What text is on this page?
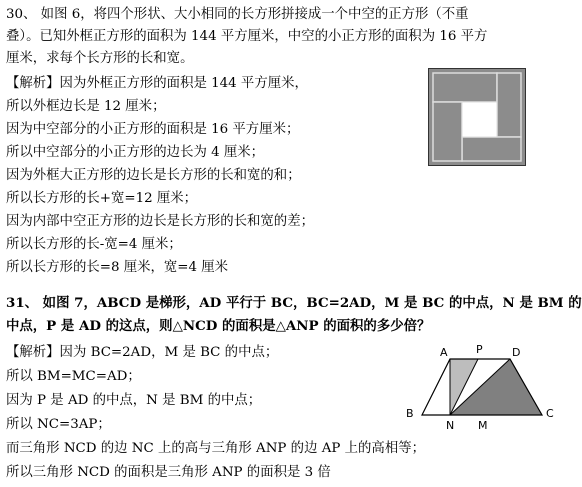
30、 如图 6，将四个形状、大小相同的长方形拼接成一个中空的正方形（不重
叠）。已知外框正方形的面积为 144 平方厘米，中空的小正方形的面积为 16 平方
厘米，求每个长方形的长和宽。
【解析】因为外框正方形的面积是 144 平方厘米，
所以外框边长是 12 厘米；
因为中空部分的小正方形的面积是 16 平方厘米；
所以中空部分的小正方形的边长为 4 厘米；
因为外框大正方形的边长是长方形的长和宽的和；
所以长方形的长+宽=12 厘米；
因为内部中空正方形的边长是长方形的长和宽的差；
所以长方形的长-宽=4 厘米；
所以长方形的长=8 厘米，宽=4 厘米
31、 如图 7，ABCD 是梯形，AD 平行于 BC，BC=2AD，M 是 BC 的中点，N 是 BM 的
中点，P 是 AD 的这点，则△NCD 的面积是△ANP 的面积的多少倍？
【解析】因为 BC=2AD，M 是 BC 的中点；
所以 BM=MC=AD；
因为 P 是 AD 的中点，N 是 BM 的中点；
所以 NC=3AP；
而三角形 NCD 的边 NC 上的高与三角形 ANP 的边 AP 上的高相等；
所以三角形 NCD 的面积是三角形 ANP 的面积是 3 倍
A	P	D
B	C
N M
